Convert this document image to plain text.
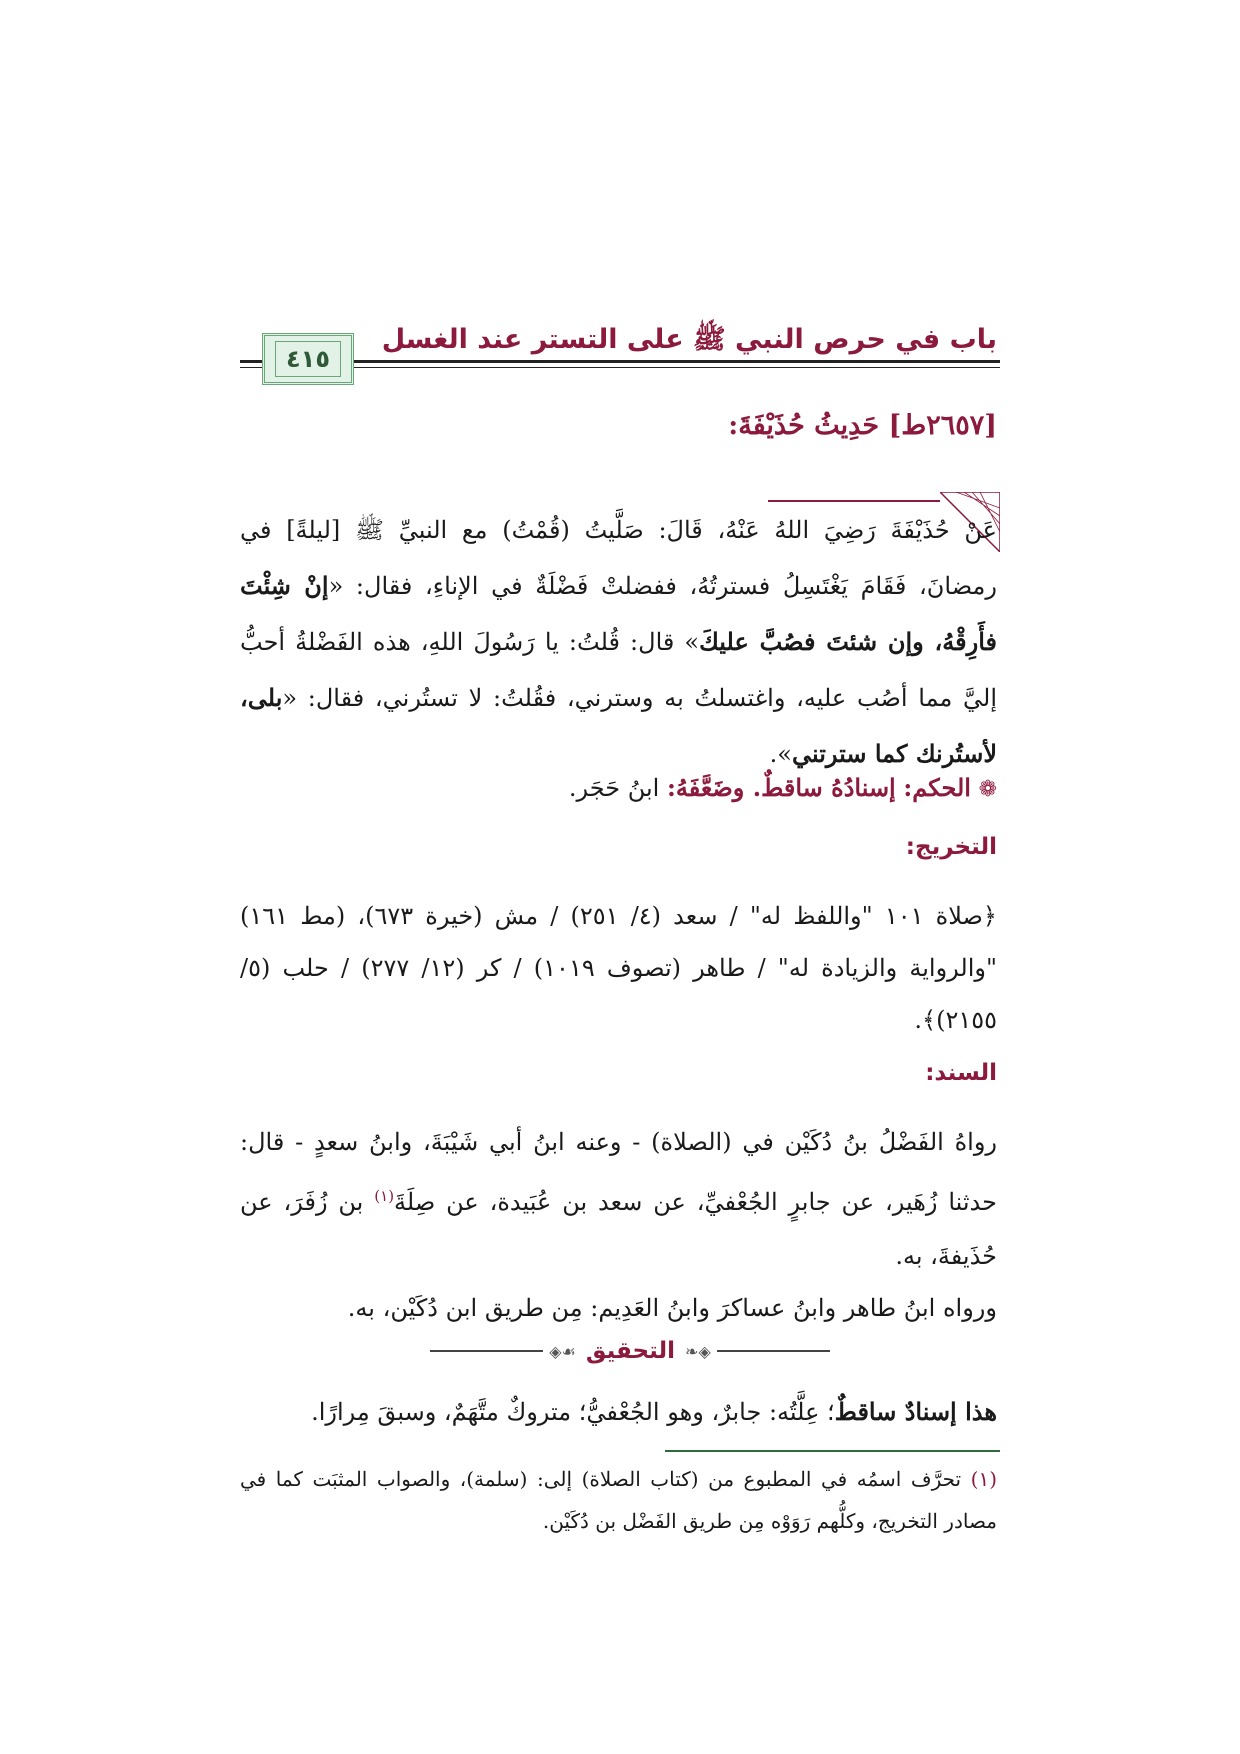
باب في حرص النبي ﷺ على التستر عند الغسل
٤١٥
[٢٦٥٧ط] حَدِيثُ حُذَيْفَةَ:
عَنْ حُذَيْفَةَ رَضِيَ اللهُ عَنْهُ، قَالَ: صَلَّيتُ (قُمْتُ) مع النبيِّ ﷺ [ليلةً] في رمضانَ، فَقَامَ يَغْتَسِلُ فسترتُهُ، ففضلتْ فَضْلَةٌ في الإناءِ، فقال: «إنْ شِئْتَ فأَرِقْهُ، وإن شئتَ فصُبَّ عليكَ» قال: قُلتُ: يا رَسُولَ اللهِ، هذه الفَضْلةُ أحبُّ إليَّ مما أصُب عليه، واغتسلتُ به وسترني، فقُلتُ: لا تستُرني، فقال: «بلى، لأستُرنك كما سترتني».
❁ الحكم: إسنادُهُ ساقطٌ. وضَعَّفَهُ: ابنُ حَجَر.
التخريج:
﴿صلاة ١٠١ "واللفظ له" / سعد (٤/ ٢٥١) / مش (خيرة ٦٧٣)، (مط ١٦١) "والرواية والزيادة له" / طاهر (تصوف ١٠١٩) / كر (١٢/ ٢٧٧) / حلب (٥/ ٢١٥٥)﴾.
السند:
رواهُ الفَضْلُ بنُ دُكَيْن في (الصلاة) - وعنه ابنُ أبي شَيْبَةَ، وابنُ سعدٍ - قال: حدثنا زُهَير، عن جابرٍ الجُعْفيِّ، عن سعد بن عُبَيدة، عن صِلَةَ$^{(١)}$ بن زُفَرَ، عن حُذَيفةَ، به.
ورواه ابنُ طاهر وابنُ عساكرَ وابنُ العَدِيم: مِن طريق ابن دُكَيْن، به.
◈❧
التحقيق
☙◈
هذا إسنادٌ ساقطٌ؛ عِلَّتُه: جابرٌ، وهو الجُعْفيُّ؛ متروكٌ متَّهَمٌ، وسبقَ مِرارًا.
(١) تحرَّف اسمُه في المطبوع من (كتاب الصلاة) إلى: (سلمة)، والصواب المثبَت كما في مصادر التخريج، وكلُّهم رَوَوْه مِن طريق الفَضْل بن دُكَيْن.
